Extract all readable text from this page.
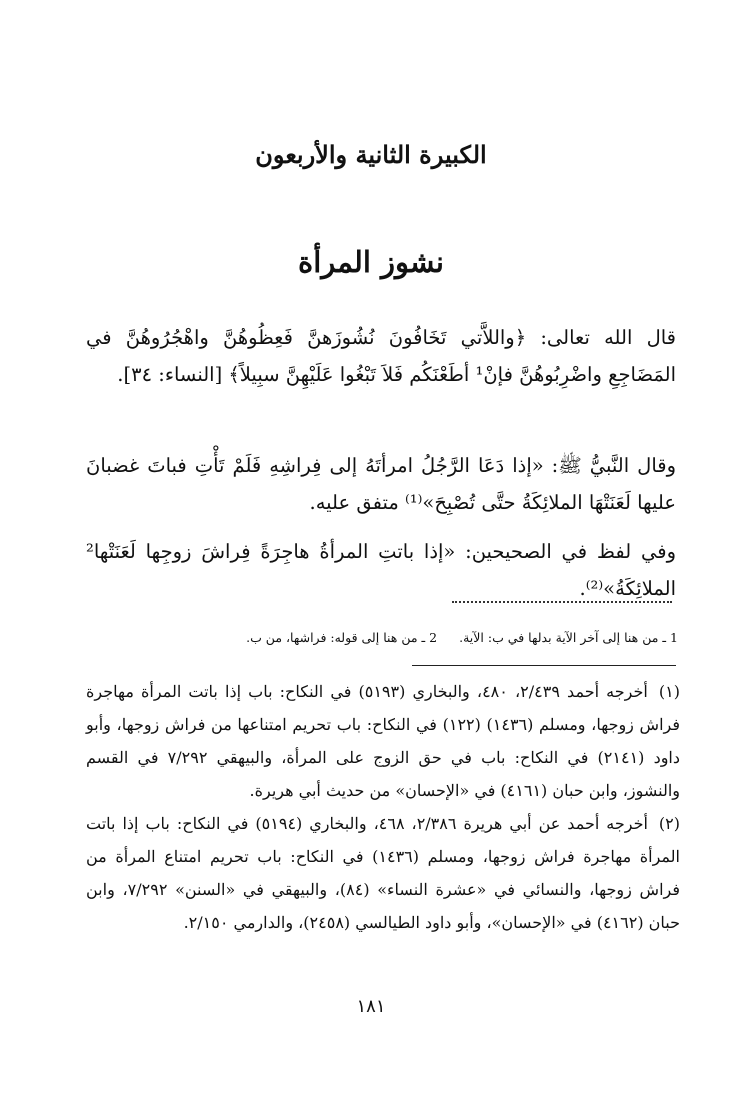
الكبيرة الثانية والأربعون
نشوز المرأة

قال الله تعالى: ﴿واللاَّتي تَخَافُونَ نُشُوزَهنَّ فَعِظُوهُنَّ واهْجُرُوهُنَّ في المَضَاجِعِ واضْرِبُوهُنَّ فإنْ¹ أطَعْنَكُم فَلاَ تَبْغُوا عَلَيْهِنَّ سبِيلاً﴾ [النساء: ٣٤].

وقال النَّبيُّ ﷺ: «إذا دَعَا الرَّجُلُ امرأتَهُ إلى فِراشِهِ فَلَمْ تَأْتِ فباتَ غضبانَ عليها لَعَنَتْهَا الملائِكَةُ حتَّى تُصْبِحَ»⁽¹⁾ متفق عليه.

وفي لفظ في الصحيحين: «إذا باتتِ المرأةُ هاجِرَةً فِراشَ زوجِها لَعَنَتْها² الملائِكَةُ»⁽²⁾.

1 ـ من هنا إلى آخر الآية بدلها في ب: الآية.
2 ـ من هنا إلى قوله: فراشها، من ب.

(١) أخرجه أحمد ٢/٤٣٩، ٤٨٠، والبخاري (٥١٩٣) في النكاح: باب إذا باتت المرأة مهاجرة فراش زوجها، ومسلم (١٤٣٦) (١٢٢) في النكاح: باب تحريم امتناعها من فراش زوجها، وأبو داود (٢١٤١) في النكاح: باب في حق الزوج على المرأة، والبيهقي ٧/٢٩٢ في القسم والنشوز، وابن حبان (٤١٦١) في «الإحسان» من حديث أبي هريرة.

(٢) أخرجه أحمد عن أبي هريرة ٢/٣٨٦، ٤٦٨، والبخاري (٥١٩٤) في النكاح: باب إذا باتت المرأة مهاجرة فراش زوجها، ومسلم (١٤٣٦) في النكاح: باب تحريم امتناع المرأة من فراش زوجها، والنسائي في «عشرة النساء» (٨٤)، والبيهقي في «السنن» ٧/٢٩٢، وابن حبان (٤١٦٢) في «الإحسان»، وأبو داود الطيالسي (٢٤٥٨)، والدارمي ٢/١٥٠.

١٨١
